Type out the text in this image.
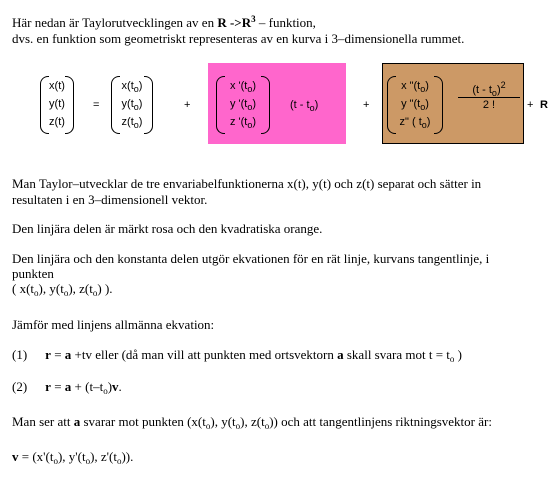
Här nedan är Taylorutvecklingen av en R $->R^3$ – funktion,
dvs. en funktion som geometriskt representeras av en kurva i 3–dimensionella rummet.
x(t)
y(t)
z(t)
=
$x(t_o)$
$y(t_o)$
$z(t_o)$
+
x '$(t_o)$
y '$(t_o)$
z '$(t_o)$
$(t - t_o)$	+
x "$(t_o)$
y "$(t_o)$
z" ( $t_o$)
$(t - t_o)^2$
2 !	+ R
Man Taylor–utvecklar de tre envariabelfunktionerna x(t), y(t) och z(t) separat och sätter in
resultaten i en 3–dimensionell vektor.
Den linjära delen är märkt rosa och den kvadratiska orange.
Den linjära och den konstanta delen utgör ekvationen för en rät linje, kurvans tangentlinje, i
punkten
( $x(t_o)$, $y(t_o)$, $z(t_o)$ ).
Jämför med linjens allmänna ekvation:
(1) r = a +tv eller (då man vill att punkten med ortsvektorn a skall svara mot $t = t_o$ )
(2) $r = a + (t-t_o)v$.
Man ser att a svarar mot punkten ($x(t_o)$, $y(t_o)$, $z(t_o)$) och att tangentlinjens riktningsvektor är:
$v = (x'(t_o)$, $y'(t_o)$, $z'(t_o)$).
